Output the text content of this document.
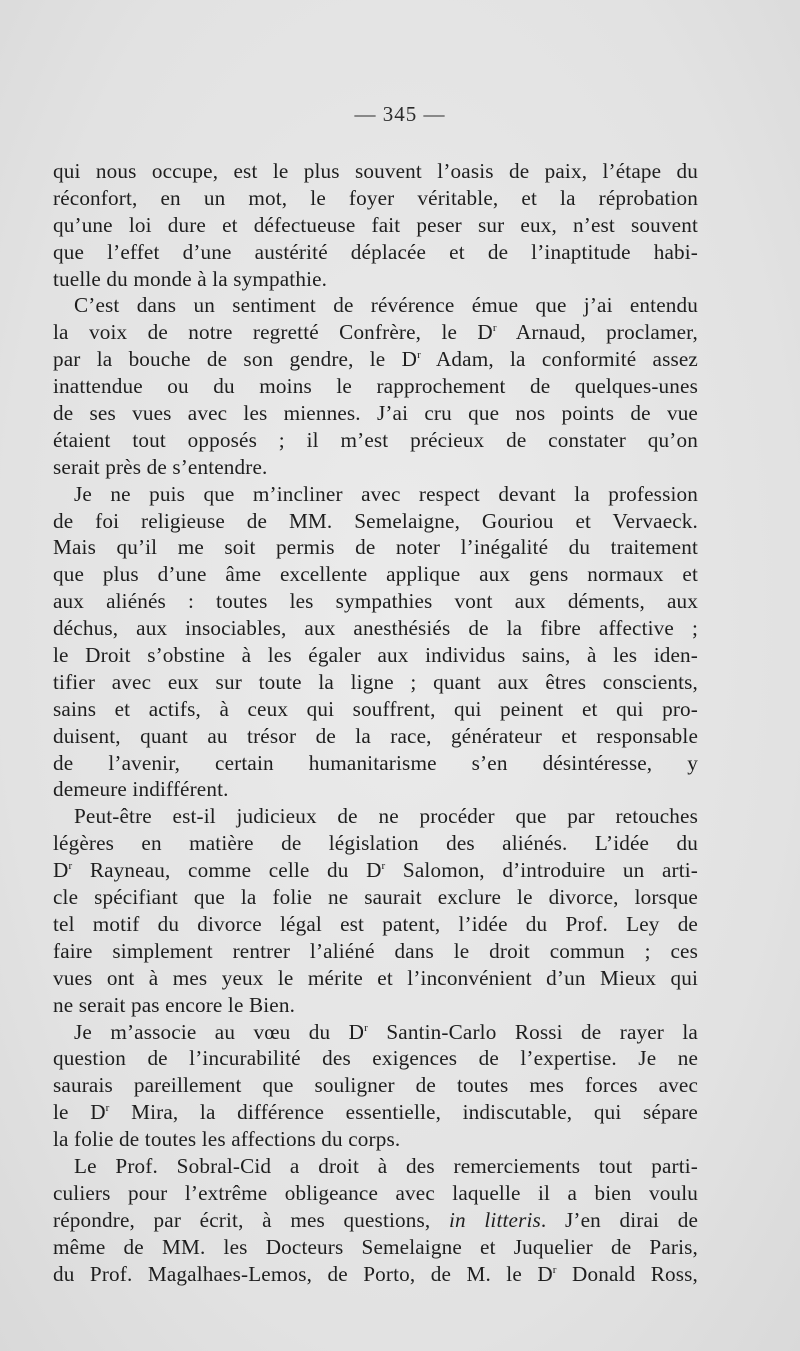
— 345 —
qui nous occupe, est le plus souvent l’oasis de paix, l’étape du
réconfort, en un mot, le foyer véritable, et la réprobation
qu’une loi dure et défectueuse fait peser sur eux, n’est souvent
que l’effet d’une austérité déplacée et de l’inaptitude habi-
tuelle du monde à la sympathie.
C’est dans un sentiment de révérence émue que j’ai entendu
la voix de notre regretté Confrère, le $D^r$ Arnaud, proclamer,
par la bouche de son gendre, le $D^r$ Adam, la conformité assez
inattendue ou du moins le rapprochement de quelques-unes
de ses vues avec les miennes. J’ai cru que nos points de vue
étaient tout opposés ; il m’est précieux de constater qu’on
serait près de s’entendre.
Je ne puis que m’incliner avec respect devant la profession
de foi religieuse de MM. Semelaigne, Gouriou et Vervaeck.
Mais qu’il me soit permis de noter l’inégalité du traitement
que plus d’une âme excellente applique aux gens normaux et
aux aliénés : toutes les sympathies vont aux déments, aux
déchus, aux insociables, aux anesthésiés de la fibre affective ;
le Droit s’obstine à les égaler aux individus sains, à les iden-
tifier avec eux sur toute la ligne ; quant aux êtres conscients,
sains et actifs, à ceux qui souffrent, qui peinent et qui pro-
duisent, quant au trésor de la race, générateur et responsable
de l’avenir, certain humanitarisme s’en désintéresse, y
demeure indifférent.
Peut-être est-il judicieux de ne procéder que par retouches
légères en matière de législation des aliénés. L’idée du
$D^r$ Rayneau, comme celle du $D^r$ Salomon, d’introduire un arti-
cle spécifiant que la folie ne saurait exclure le divorce, lorsque
tel motif du divorce légal est patent, l’idée du Prof. Ley de
faire simplement rentrer l’aliéné dans le droit commun ; ces
vues ont à mes yeux le mérite et l’inconvénient d’un Mieux qui
ne serait pas encore le Bien.
Je m’associe au vœu du $D^r$ Santin-Carlo Rossi de rayer la
question de l’incurabilité des exigences de l’expertise. Je ne
saurais pareillement que souligner de toutes mes forces avec
le $D^r$ Mira, la différence essentielle, indiscutable, qui sépare
la folie de toutes les affections du corps.
Le Prof. Sobral-Cid a droit à des remerciements tout parti-
culiers pour l’extrême obligeance avec laquelle il a bien voulu
répondre, par écrit, à mes questions, in litteris. J’en dirai de
même de MM. les Docteurs Semelaigne et Juquelier de Paris,
du Prof. Magalhaes-Lemos, de Porto, de M. le $D^r$ Donald Ross,
